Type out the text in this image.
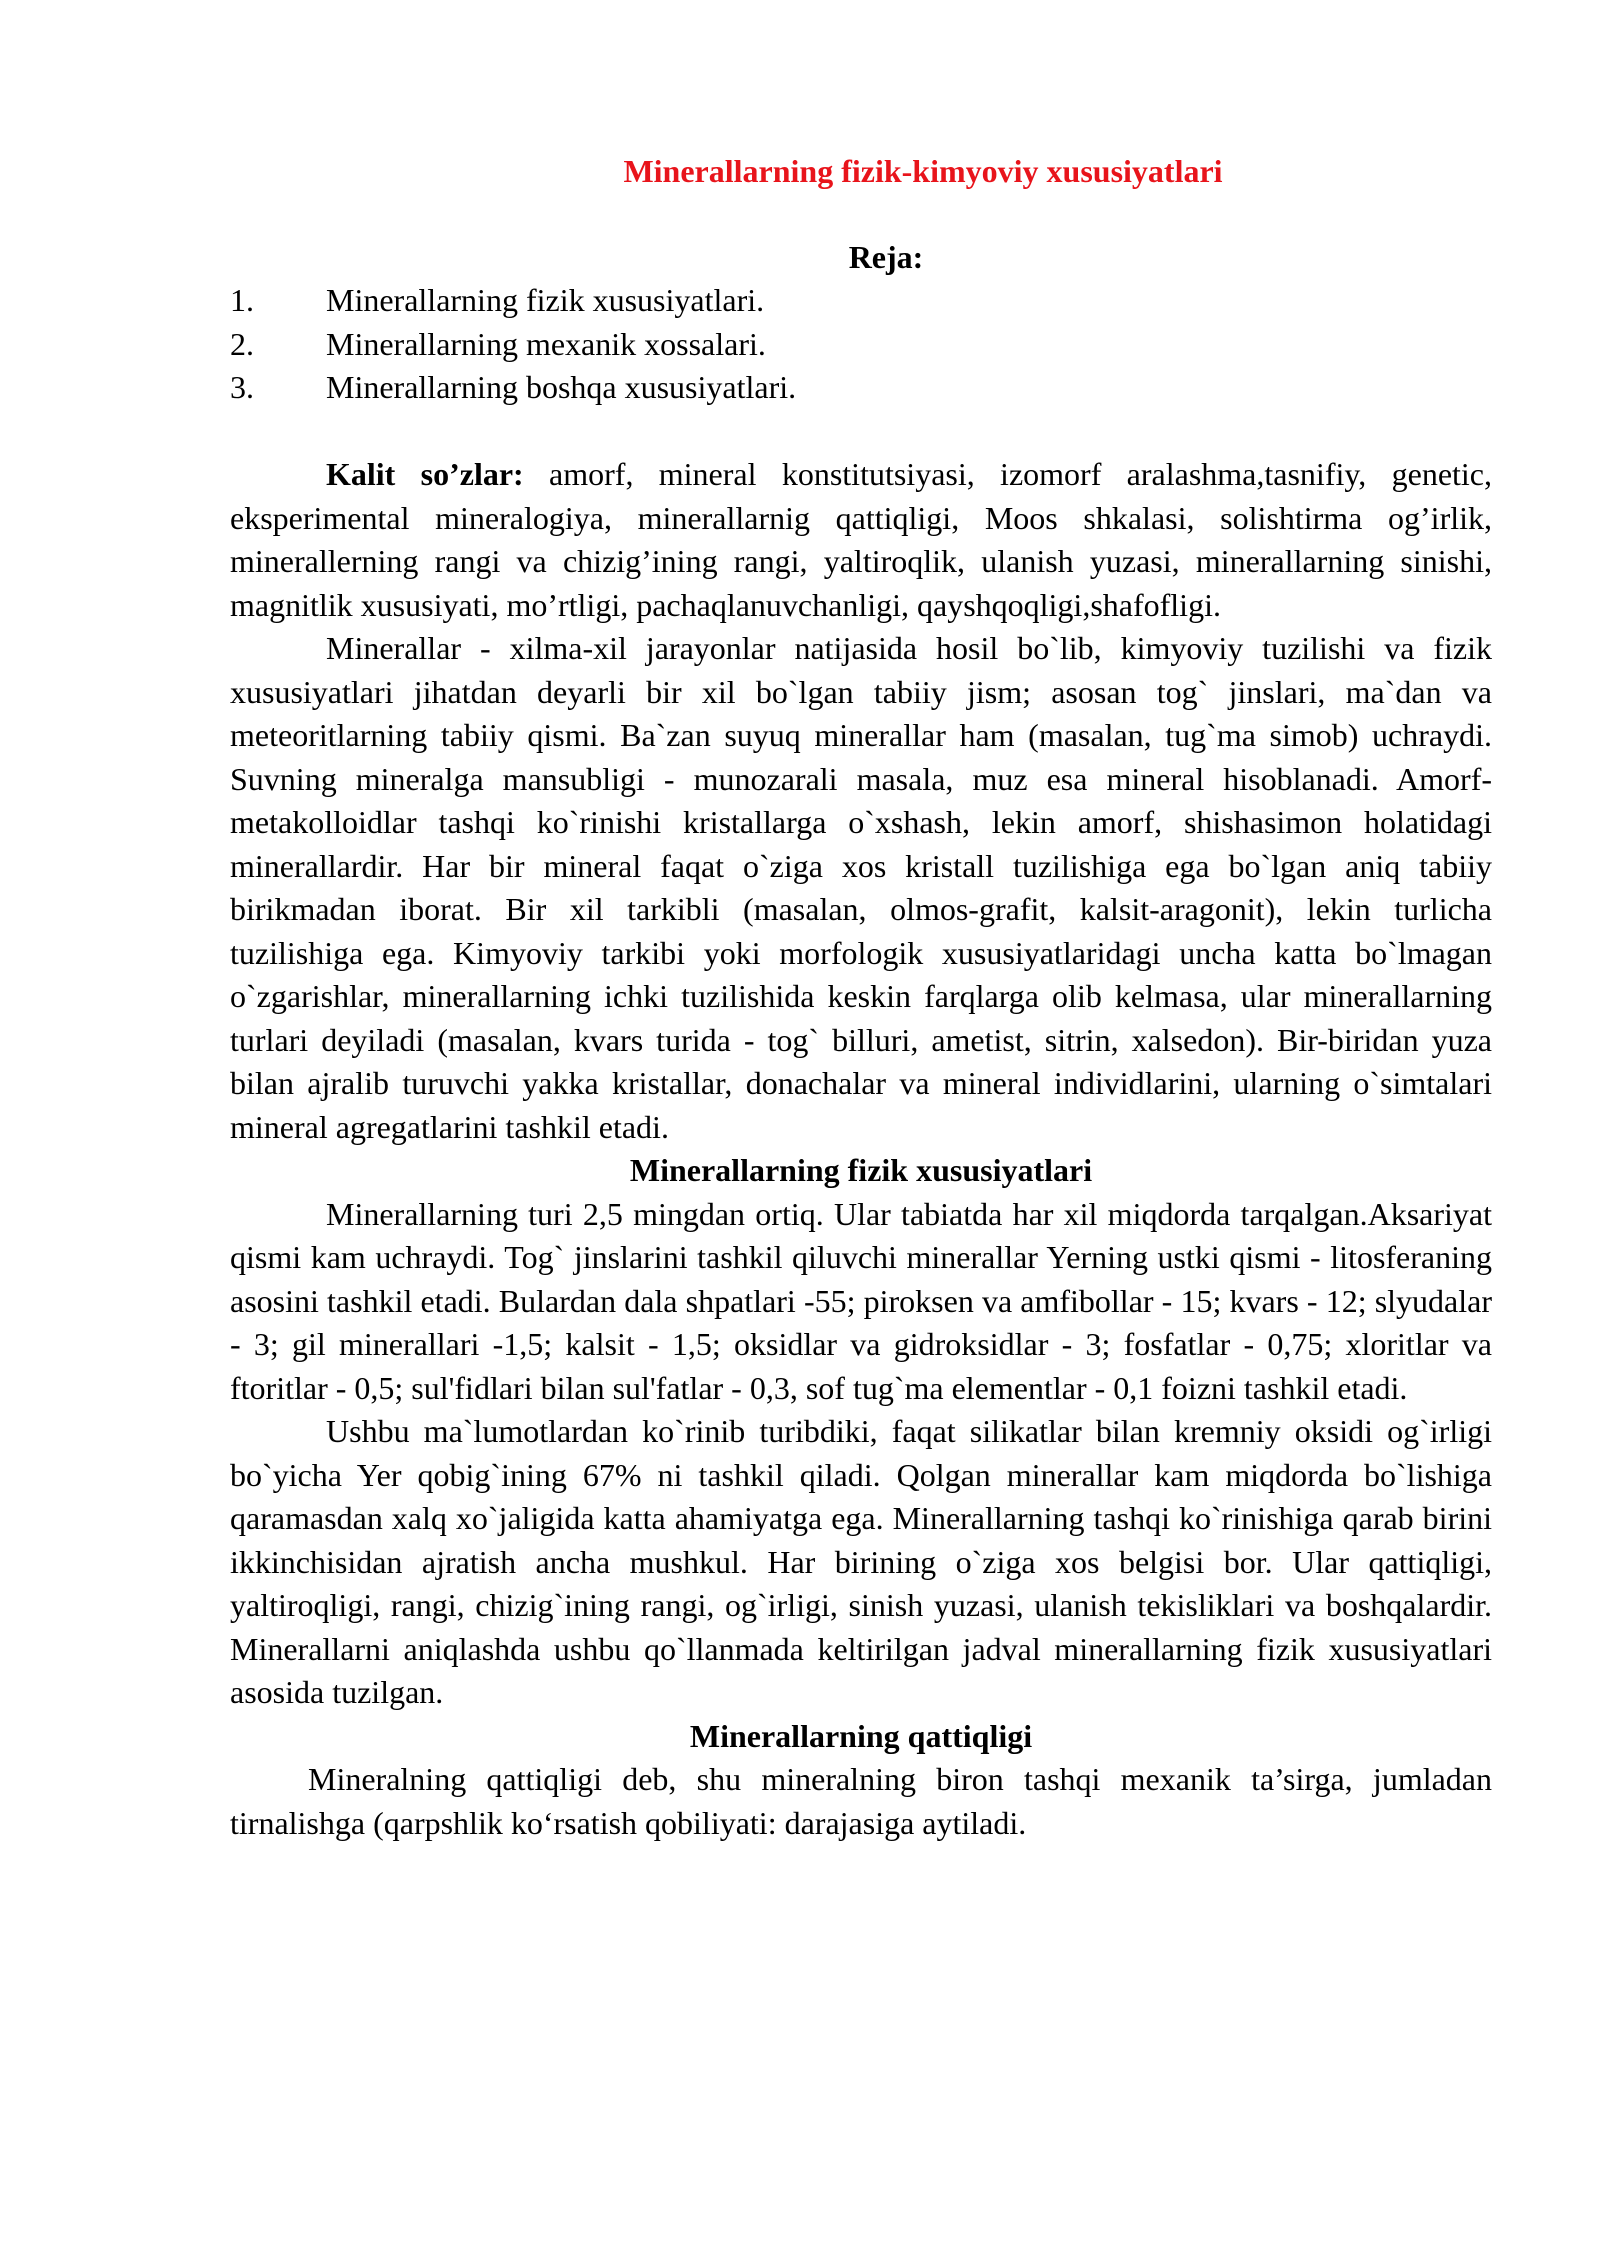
Minerallarning fizik-kimyoviy xususiyatlari
Reja:
1.	Minerallarning fizik xususiyatlari.
2.	Minerallarning mexanik xossalari.
3.	Minerallarning boshqa xususiyatlari.

Kalit so’zlar: amorf, mineral konstitutsiyasi, izomorf aralashma,tasnifiy, genetic, eksperimental mineralogiya, minerallarnig qattiqligi, Moos shkalasi, solishtirma og’irlik, minerallerning rangi va chizig’ining rangi, yaltiroqlik, ulanish yuzasi, minerallarning sinishi, magnitlik xususiyati, mo’rtligi, pachaqlanuvchanligi, qayshqoqligi,shafofligi.

Minerallar - xilma-xil jarayonlar natijasida hosil bo`lib, kimyoviy tuzilishi va fizik xususiyatlari jihatdan deyarli bir xil bo`lgan tabiiy jism; asosan tog` jinslari, ma`dan va meteoritlarning tabiiy qismi. Ba`zan suyuq minerallar ham (masalan, tug`ma simob) uchraydi. Suvning mineralga mansubligi - munozarali masala, muz esa mineral hisoblanadi. Amorf-metakolloidlar tashqi ko`rinishi kristallarga o`xshash, lekin amorf, shishasimon holatidagi minerallardir. Har bir mineral faqat o`ziga xos kristall tuzilishiga ega bo`lgan aniq tabiiy birikmadan iborat. Bir xil tarkibli (masalan, olmos-grafit, kalsit-aragonit), lekin turlicha tuzilishiga ega. Kimyoviy tarkibi yoki morfologik xususiyatlaridagi uncha katta bo`lmagan o`zgarishlar, minerallarning ichki tuzilishida keskin farqlarga olib kelmasa, ular minerallarning turlari deyiladi (masalan, kvars turida - tog` billuri, ametist, sitrin, xalsedon). Bir-biridan yuza bilan ajralib turuvchi yakka kristallar, donachalar va mineral individlarini, ularning o`simtalari mineral agregatlarini tashkil etadi.

Minerallarning fizik xususiyatlari

Minerallarning turi 2,5 mingdan ortiq. Ular tabiatda har xil miqdorda tarqalgan.Aksariyat qismi kam uchraydi. Tog` jinslarini tashkil qiluvchi minerallar Yerning ustki qismi - litosferaning asosini tashkil etadi. Bulardan dala shpatlari -55; piroksen va amfibollar - 15; kvars - 12; slyudalar - 3; gil minerallari -1,5; kalsit - 1,5; oksidlar va gidroksidlar - 3; fosfatlar - 0,75; xloritlar va ftoritlar - 0,5; sul'fidlari bilan sul'fatlar - 0,3, sof tug`ma elementlar - 0,1 foizni tashkil etadi.

Ushbu ma`lumotlardan ko`rinib turibdiki, faqat silikatlar bilan kremniy oksidi og`irligi bo`yicha Yer qobig`ining 67% ni tashkil qiladi. Qolgan minerallar kam miqdorda bo`lishiga qaramasdan xalq xo`jaligida katta ahamiyatga ega. Minerallarning tashqi ko`rinishiga qarab birini ikkinchisidan ajratish ancha mushkul. Har birining o`ziga xos belgisi bor. Ular qattiqligi, yaltiroqligi, rangi, chizig`ining rangi, og`irligi, sinish yuzasi, ulanish tekisliklari va boshqalardir. Minerallarni aniqlashda ushbu qo`llanmada keltirilgan jadval minerallarning fizik xususiyatlari asosida tuzilgan.

Minerallarning qattiqligi

Mineralning qattiqligi deb, shu mineralning biron tashqi mexanik ta’sirga, jumladan tirnalishga (qarpshlik ko‘rsatish qobiliyati: darajasiga aytiladi.
